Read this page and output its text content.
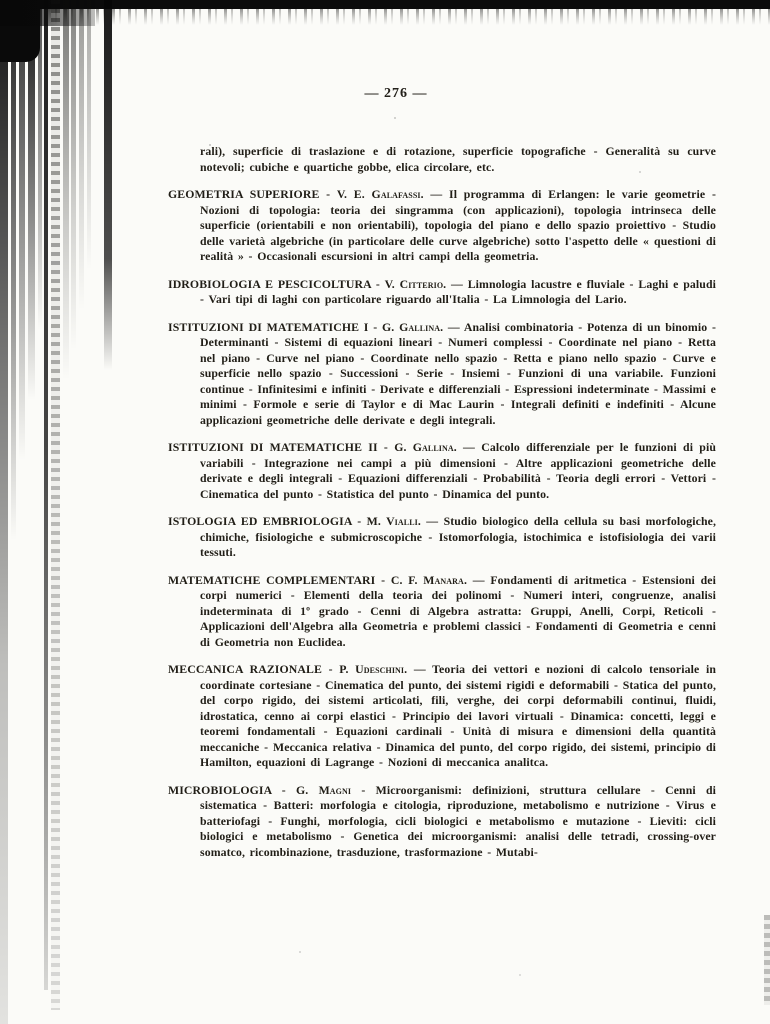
— 276 —

rali), superficie di traslazione e di rotazione, superficie topografiche - Generalità su curve notevoli; cubiche e quartiche gobbe, elica circolare, etc.

GEOMETRIA SUPERIORE - V. E. Galafassi. — Il programma di Erlangen: le varie geometrie - Nozioni di topologia: teoria dei singramma (con applicazioni), topologia intrinseca delle superficie (orientabili e non orientabili), topologia del piano e dello spazio proiettivo - Studio delle varietà algebriche (in particolare delle curve algebriche) sotto l'aspetto delle « questioni di realità » - Occasionali escursioni in altri campi della geometria.

IDROBIOLOGIA E PESCICOLTURA - V. Citterio. — Limnologia lacustre e fluviale - Laghi e paludi - Vari tipi di laghi con particolare riguardo all'Italia - La Limnologia del Lario.

ISTITUZIONI DI MATEMATICHE I - G. Gallina. — Analisi combinatoria - Potenza di un binomio - Determinanti - Sistemi di equazioni lineari - Numeri complessi - Coordinate nel piano - Retta nel piano - Curve nel piano - Coordinate nello spazio - Retta e piano nello spazio - Curve e superficie nello spazio - Successioni - Serie - Insiemi - Funzioni di una variabile. Funzioni continue - Infinitesimi e infiniti - Derivate e differenziali - Espressioni indeterminate - Massimi e minimi - Formole e serie di Taylor e di Mac Laurin - Integrali definiti e indefiniti - Alcune applicazioni geometriche delle derivate e degli integrali.

ISTITUZIONI DI MATEMATICHE II - G. Gallina. — Calcolo differenziale per le funzioni di più variabili - Integrazione nei campi a più dimensioni - Altre applicazioni geometriche delle derivate e degli integrali - Equazioni differenziali - Probabilità - Teoria degli errori - Vettori - Cinematica del punto - Statistica del punto - Dinamica del punto.

ISTOLOGIA ED EMBRIOLOGIA - M. Vialli. — Studio biologico della cellula su basi morfologiche, chimiche, fisiologiche e submicroscopiche - Istomorfologia, istochimica e istofisiologia dei varii tessuti.

MATEMATICHE COMPLEMENTARI - C. F. Manara. — Fondamenti di aritmetica - Estensioni dei corpi numerici - Elementi della teoria dei polinomi - Numeri interi, congruenze, analisi indeterminata di 1º grado - Cenni di Algebra astratta: Gruppi, Anelli, Corpi, Reticoli - Applicazioni dell'Algebra alla Geometria e problemi classici - Fondamenti di Geometria e cenni di Geometria non Euclidea.

MECCANICA RAZIONALE - P. Udeschini. — Teoria dei vettori e nozioni di calcolo tensoriale in coordinate cortesiane - Cinematica del punto, dei sistemi rigidi e deformabili - Statica del punto, del corpo rigido, dei sistemi articolati, fili, verghe, dei corpi deformabili continui, fluidi, idrostatica, cenno ai corpi elastici - Principio dei lavori virtuali - Dinamica: concetti, leggi e teoremi fondamentali - Equazioni cardinali - Unità di misura e dimensioni della quantità meccaniche - Meccanica relativa - Dinamica del punto, del corpo rigido, dei sistemi, principio di Hamilton, equazioni di Lagrange - Nozioni di meccanica analitca.

MICROBIOLOGIA - G. Magni - Microorganismi: definizioni, struttura cellulare - Cenni di sistematica - Batteri: morfologia e citologia, riproduzione, metabolismo e nutrizione - Virus e batteriofagi - Funghi, morfologia, cicli biologici e metabolismo e mutazione - Lieviti: cicli biologici e metabolismo - Genetica dei microorganismi: analisi delle tetradi, crossing-over somatco, ricombinazione, trasduzione, trasformazione - Mutabi-
